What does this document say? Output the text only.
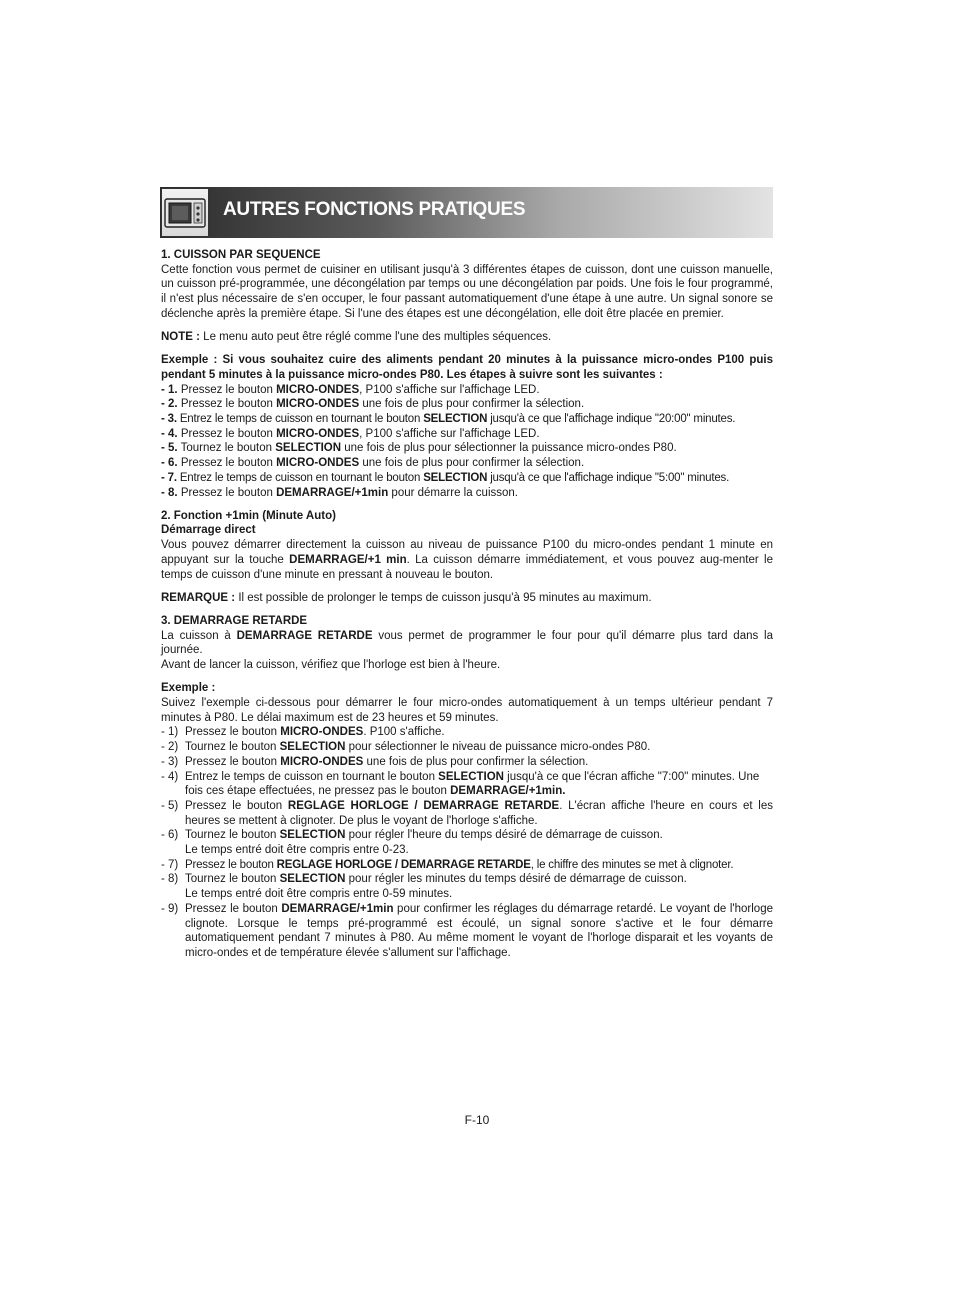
AUTRES FONCTIONS PRATIQUES

1. CUISSON PAR SEQUENCE

Cette fonction vous permet de cuisiner en utilisant jusqu'à 3 différentes étapes de cuisson, dont une cuisson manuelle, un cuisson pré-programmée, une décongélation par temps ou une décongélation par poids. Une fois le four programmé, il n'est plus nécessaire de s'en occuper, le four passant automatiquement d'une étape à une autre. Un signal sonore se déclenche après la première étape. Si l'une des étapes est une décongélation, elle doit être placée en premier.

NOTE : Le menu auto peut être réglé comme l'une des multiples séquences.

Exemple : Si vous souhaitez cuire des aliments pendant 20 minutes à la puissance micro-ondes P100 puis pendant 5 minutes à la puissance micro-ondes P80. Les étapes à suivre sont les suivantes :

- 1. Pressez le bouton MICRO-ONDES, P100 s'affiche sur l'affichage LED.

- 2. Pressez le bouton MICRO-ONDES une fois de plus pour confirmer la sélection.

- 3. Entrez le temps de cuisson en tournant le bouton SELECTION jusqu'à ce que l'affichage indique "20:00" minutes.

- 4. Pressez le bouton MICRO-ONDES, P100 s'affiche sur l'affichage LED.

- 5. Tournez le bouton SELECTION une fois de plus pour sélectionner la puissance micro-ondes P80.

- 6. Pressez le bouton MICRO-ONDES une fois de plus pour confirmer la sélection.

- 7. Entrez le temps de cuisson en tournant le bouton SELECTION jusqu'à ce que l'affichage indique "5:00" minutes.

- 8. Pressez le bouton DEMARRAGE/+1min pour démarre la cuisson.

2. Fonction +1min (Minute Auto)

Démarrage direct

Vous pouvez démarrer directement la cuisson au niveau de puissance P100 du micro-ondes pendant 1 minute en appuyant sur la touche DEMARRAGE/+1 min. La cuisson démarre immédiatement, et vous pouvez aug-menter le temps de cuisson d'une minute en pressant à nouveau le bouton.

REMARQUE : Il est possible de prolonger le temps de cuisson jusqu'à 95 minutes au maximum.

3. DEMARRAGE RETARDE

La cuisson à DEMARRAGE RETARDE vous permet de programmer le four pour qu'il démarre plus tard dans la journée.

Avant de lancer la cuisson, vérifiez que l'horloge est bien à l'heure.

Exemple :

Suivez l'exemple ci-dessous pour démarrer le four micro-ondes automatiquement à un temps ultérieur pendant 7 minutes à P80. Le délai maximum est de 23 heures et 59 minutes.

- 1) Pressez le bouton MICRO-ONDES. P100 s'affiche.
- 2) Tournez le bouton SELECTION pour sélectionner le niveau de puissance micro-ondes P80.
- 3) Pressez le bouton MICRO-ONDES une fois de plus pour confirmer la sélection.
- 4) Entrez le temps de cuisson en tournant le bouton SELECTION jusqu'à ce que l'écran affiche "7:00" minutes. Une fois ces étape effectuées, ne pressez pas le bouton DEMARRAGE/+1min.
- 5) Pressez le bouton REGLAGE HORLOGE / DEMARRAGE RETARDE. L'écran affiche l'heure en cours et les heures se mettent à clignoter. De plus le voyant de l'horloge s'affiche.
- 6) Tournez le bouton SELECTION pour régler l'heure du temps désiré de démarrage de cuisson.
Le temps entré doit être compris entre 0-23.
- 7) Pressez le bouton REGLAGE HORLOGE / DEMARRAGE RETARDE, le chiffre des minutes se met à clignoter.
- 8) Tournez le bouton SELECTION pour régler les minutes du temps désiré de démarrage de cuisson.
Le temps entré doit être compris entre 0-59 minutes.
- 9) Pressez le bouton DEMARRAGE/+1min pour confirmer les réglages du démarrage retardé. Le voyant de l'horloge clignote. Lorsque le temps pré-programmé est écoulé, un signal sonore s'active et le four démarre automatiquement pendant 7 minutes à P80. Au même moment le voyant de l'horloge disparait et les voyants de micro-ondes et de température élevée s'allument sur l'affichage.
F-10
